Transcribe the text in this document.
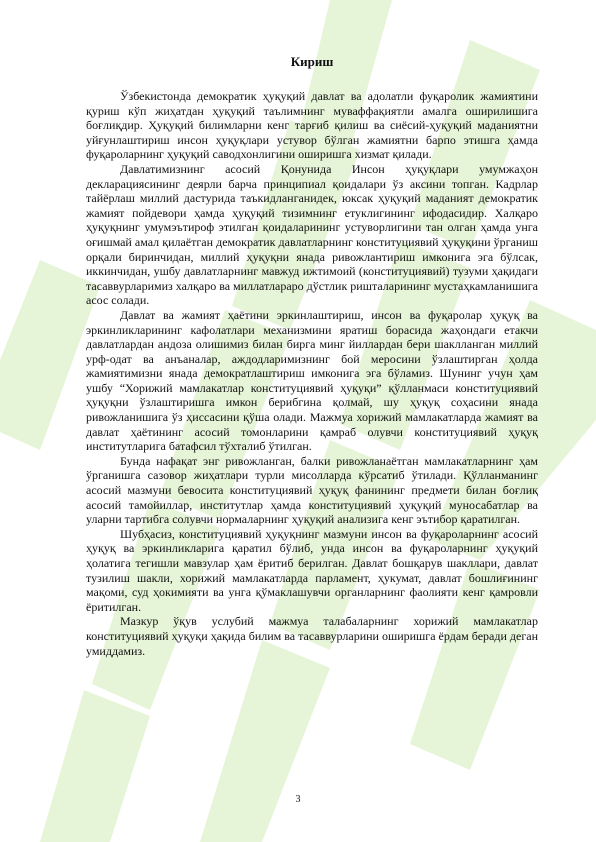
Кириш

Ўзбекистонда демократик ҳуқуқий давлат ва адолатли фуқаролик жамиятини қуриш кўп жиҳатдан ҳуқуқий таълимнинг муваффақиятли амалга оширилишига боғлиқдир. Ҳуқуқий билимларни кенг тарғиб қилиш ва сиёсий-ҳуқуқий маданиятни уйғунлаштириш инсон ҳуқуқлари устувор бўлган жамиятни барпо этишга ҳамда фуқароларнинг ҳуқуқий саводхонлигини оширишга хизмат қилади.

Давлатимизнинг асосий Қонунида Инсон ҳуқуқлари умумжаҳон декларациясининг деярли барча принципиал қоидалари ўз аксини топган. Кадрлар тайёрлаш миллий дастурида таъкидланганидек, юксак ҳуқуқий маданият демократик жамият пойдевори ҳамда ҳуқуқий тизимнинг етуклигининг ифодасидир. Халқаро ҳуқуқнинг умумэътироф этилган қоидаларининг устуворлигини тан олган ҳамда унга оғишмай амал қилаётган демократик давлатларнинг конституциявий ҳуқуқини ўрганиш орқали биринчидан, миллий ҳуқуқни янада ривожлантириш имконига эга бўлсак, иккинчидан, ушбу давлатларнинг мавжуд ижтимоий (конституциявий) тузуми ҳақидаги тасаввурларимиз халқаро ва миллатлараро дўстлик ришталарининг мустаҳкамланишига асос солади.

Давлат ва жамият ҳаётини эркинлаштириш, инсон ва фуқаролар ҳуқуқ ва эркинликларининг кафолатлари механизмини яратиш борасида жаҳондаги етакчи давлатлардан андоза олишимиз билан бирга минг йиллардан бери шаклланган миллий урф-одат ва анъаналар, аждодларимизнинг бой меросини ўзлаштирган ҳолда жамиятимизни янада демократлаштириш имконига эга бўламиз. Шунинг учун ҳам ушбу “Хорижий мамлакатлар конституциявий ҳуқуқи” қўлланмаси конституциявий ҳуқуқни ўзлаштиришга имкон берибгина қолмай, шу ҳуқуқ соҳасини янада ривожланишига ўз ҳиссасини қўша олади. Мажмуа хорижий мамлакатларда жамият ва давлат ҳаётининг асосий томонларини қамраб олувчи конституциявий ҳуқуқ институтларига батафсил тўхталиб ўтилган.

Бунда нафақат энг ривожланган, балки ривожланаётган мамлакатларнинг ҳам ўрганишга сазовор жиҳатлари турли мисолларда кўрсатиб ўтилади. Қўлланманинг асосий мазмуни бевосита конституциявий ҳуқуқ фанининг предмети билан боғлиқ асосий тамойиллар, институтлар ҳамда конституциявий ҳуқуқий муносабатлар ва уларни тартибга солувчи нормаларнинг ҳуқуқий анализига кенг эътибор қаратилган.

Шубҳасиз, конституциявий ҳуқуқнинг мазмуни инсон ва фуқароларнинг асосий ҳуқуқ ва эркинликларига қаратил бўлиб, унда инсон ва фуқароларнинг ҳуқуқий ҳолатига тегишли мавзулар ҳам ёритиб берилган. Давлат бошқарув шакллари, давлат тузилиш шакли, хорижий мамлакатларда парламент, ҳукумат, давлат бошлиғининг мақоми, суд ҳокимияти ва унга қўмаклашувчи органларнинг фаолияти кенг қамровли ёритилган.

Мазкур ўқув услубий мажмуа талабаларнинг хорижий мамлакатлар конституциявий ҳуқуқи ҳақида билим ва тасаввурларини оширишга ёрдам беради деган умиддамиз.

3
